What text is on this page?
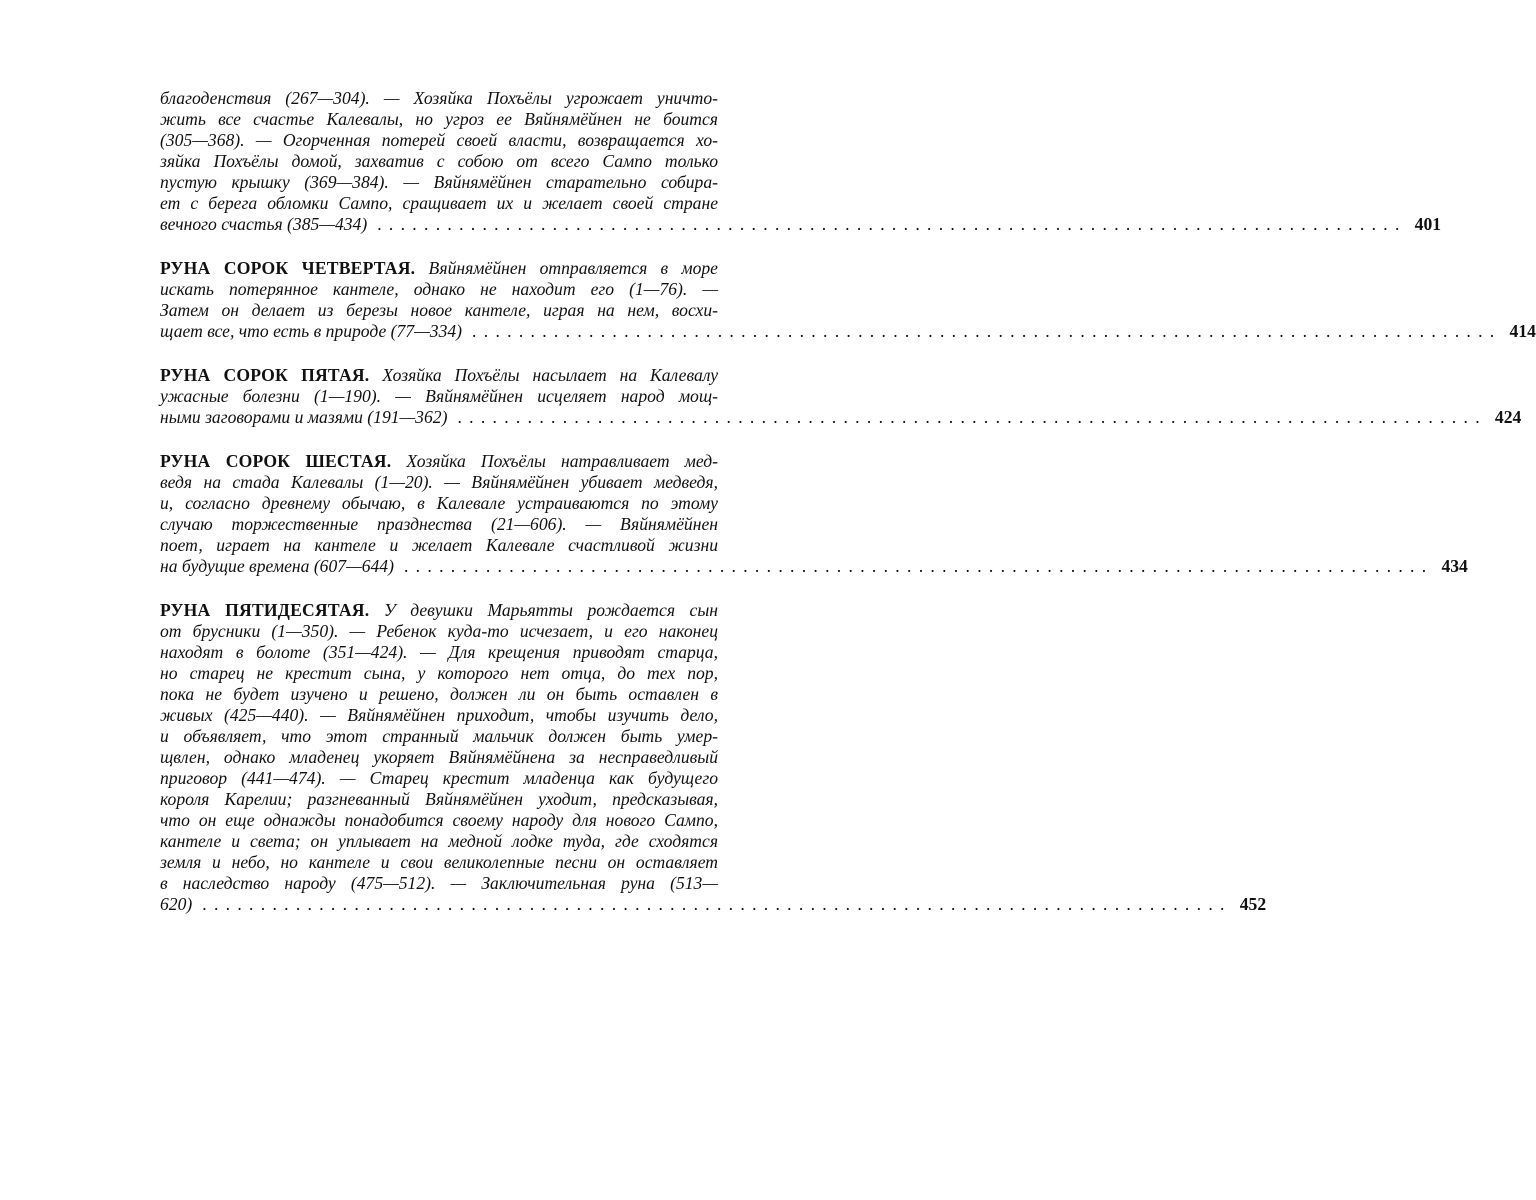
благоденствия (267—304). — Хозяйка Похъёлы угрожает уничто-
жить все счастье Калевалы, но угроз ее Вяйнямёйнен не боится
(305—368). — Огорченная потерей своей власти, возвращается хо-
зяйка Похъёлы домой, захватив с собою от всего Сампо только
пустую крышку (369—384). — Вяйнямёйнен старательно собира-
ет с берега обломки Сампо, сращивает их и желает своей стране
вечного счастья (385—434) ........................................................................................ 401
РУНА СОРОК ЧЕТВЕРТАЯ. Вяйнямёйнен отправляется в море
искать потерянное кантеле, однако не находит его (1—76). —
Затем он делает из березы новое кантеле, играя на нем, восхи-
щает все, что есть в природе (77—334) ........................................................................................ 414
РУНА СОРОК ПЯТАЯ. Хозяйка Похъёлы насылает на Калевалу
ужасные болезни (1—190). — Вяйнямёйнен исцеляет народ мощ-
ными заговорами и мазями (191—362) ........................................................................................ 424
РУНА СОРОК ШЕСТАЯ. Хозяйка Похъёлы натравливает мед-
ведя на стада Калевалы (1—20). — Вяйнямёйнен убивает медведя,
и, согласно древнему обычаю, в Калевале устраиваются по этому
случаю торжественные празднества (21—606). — Вяйнямёйнен
поет, играет на кантеле и желает Калевале счастливой жизни
на будущие времена (607—644) ........................................................................................ 434
РУНА ПЯТИДЕСЯТАЯ. У девушки Марьятты рождается сын
от брусники (1—350). — Ребенок куда-то исчезает, и его наконец
находят в болоте (351—424). — Для крещения приводят старца,
но старец не крестит сына, у которого нет отца, до тех пор,
пока не будет изучено и решено, должен ли он быть оставлен в
живых (425—440). — Вяйнямёйнен приходит, чтобы изучить дело,
и объявляет, что этот странный мальчик должен быть умер-
щвлен, однако младенец укоряет Вяйнямёйнена за несправедливый
приговор (441—474). — Старец крестит младенца как будущего
короля Карелии; разгневанный Вяйнямёйнен уходит, предсказывая,
что он еще однажды понадобится своему народу для нового Сампо,
кантеле и света; он уплывает на медной лодке туда, где сходятся
земля и небо, но кантеле и свои великолепные песни он оставляет
в наследство народу (475—512). — Заключительная руна (513—
620) ........................................................................................ 452
